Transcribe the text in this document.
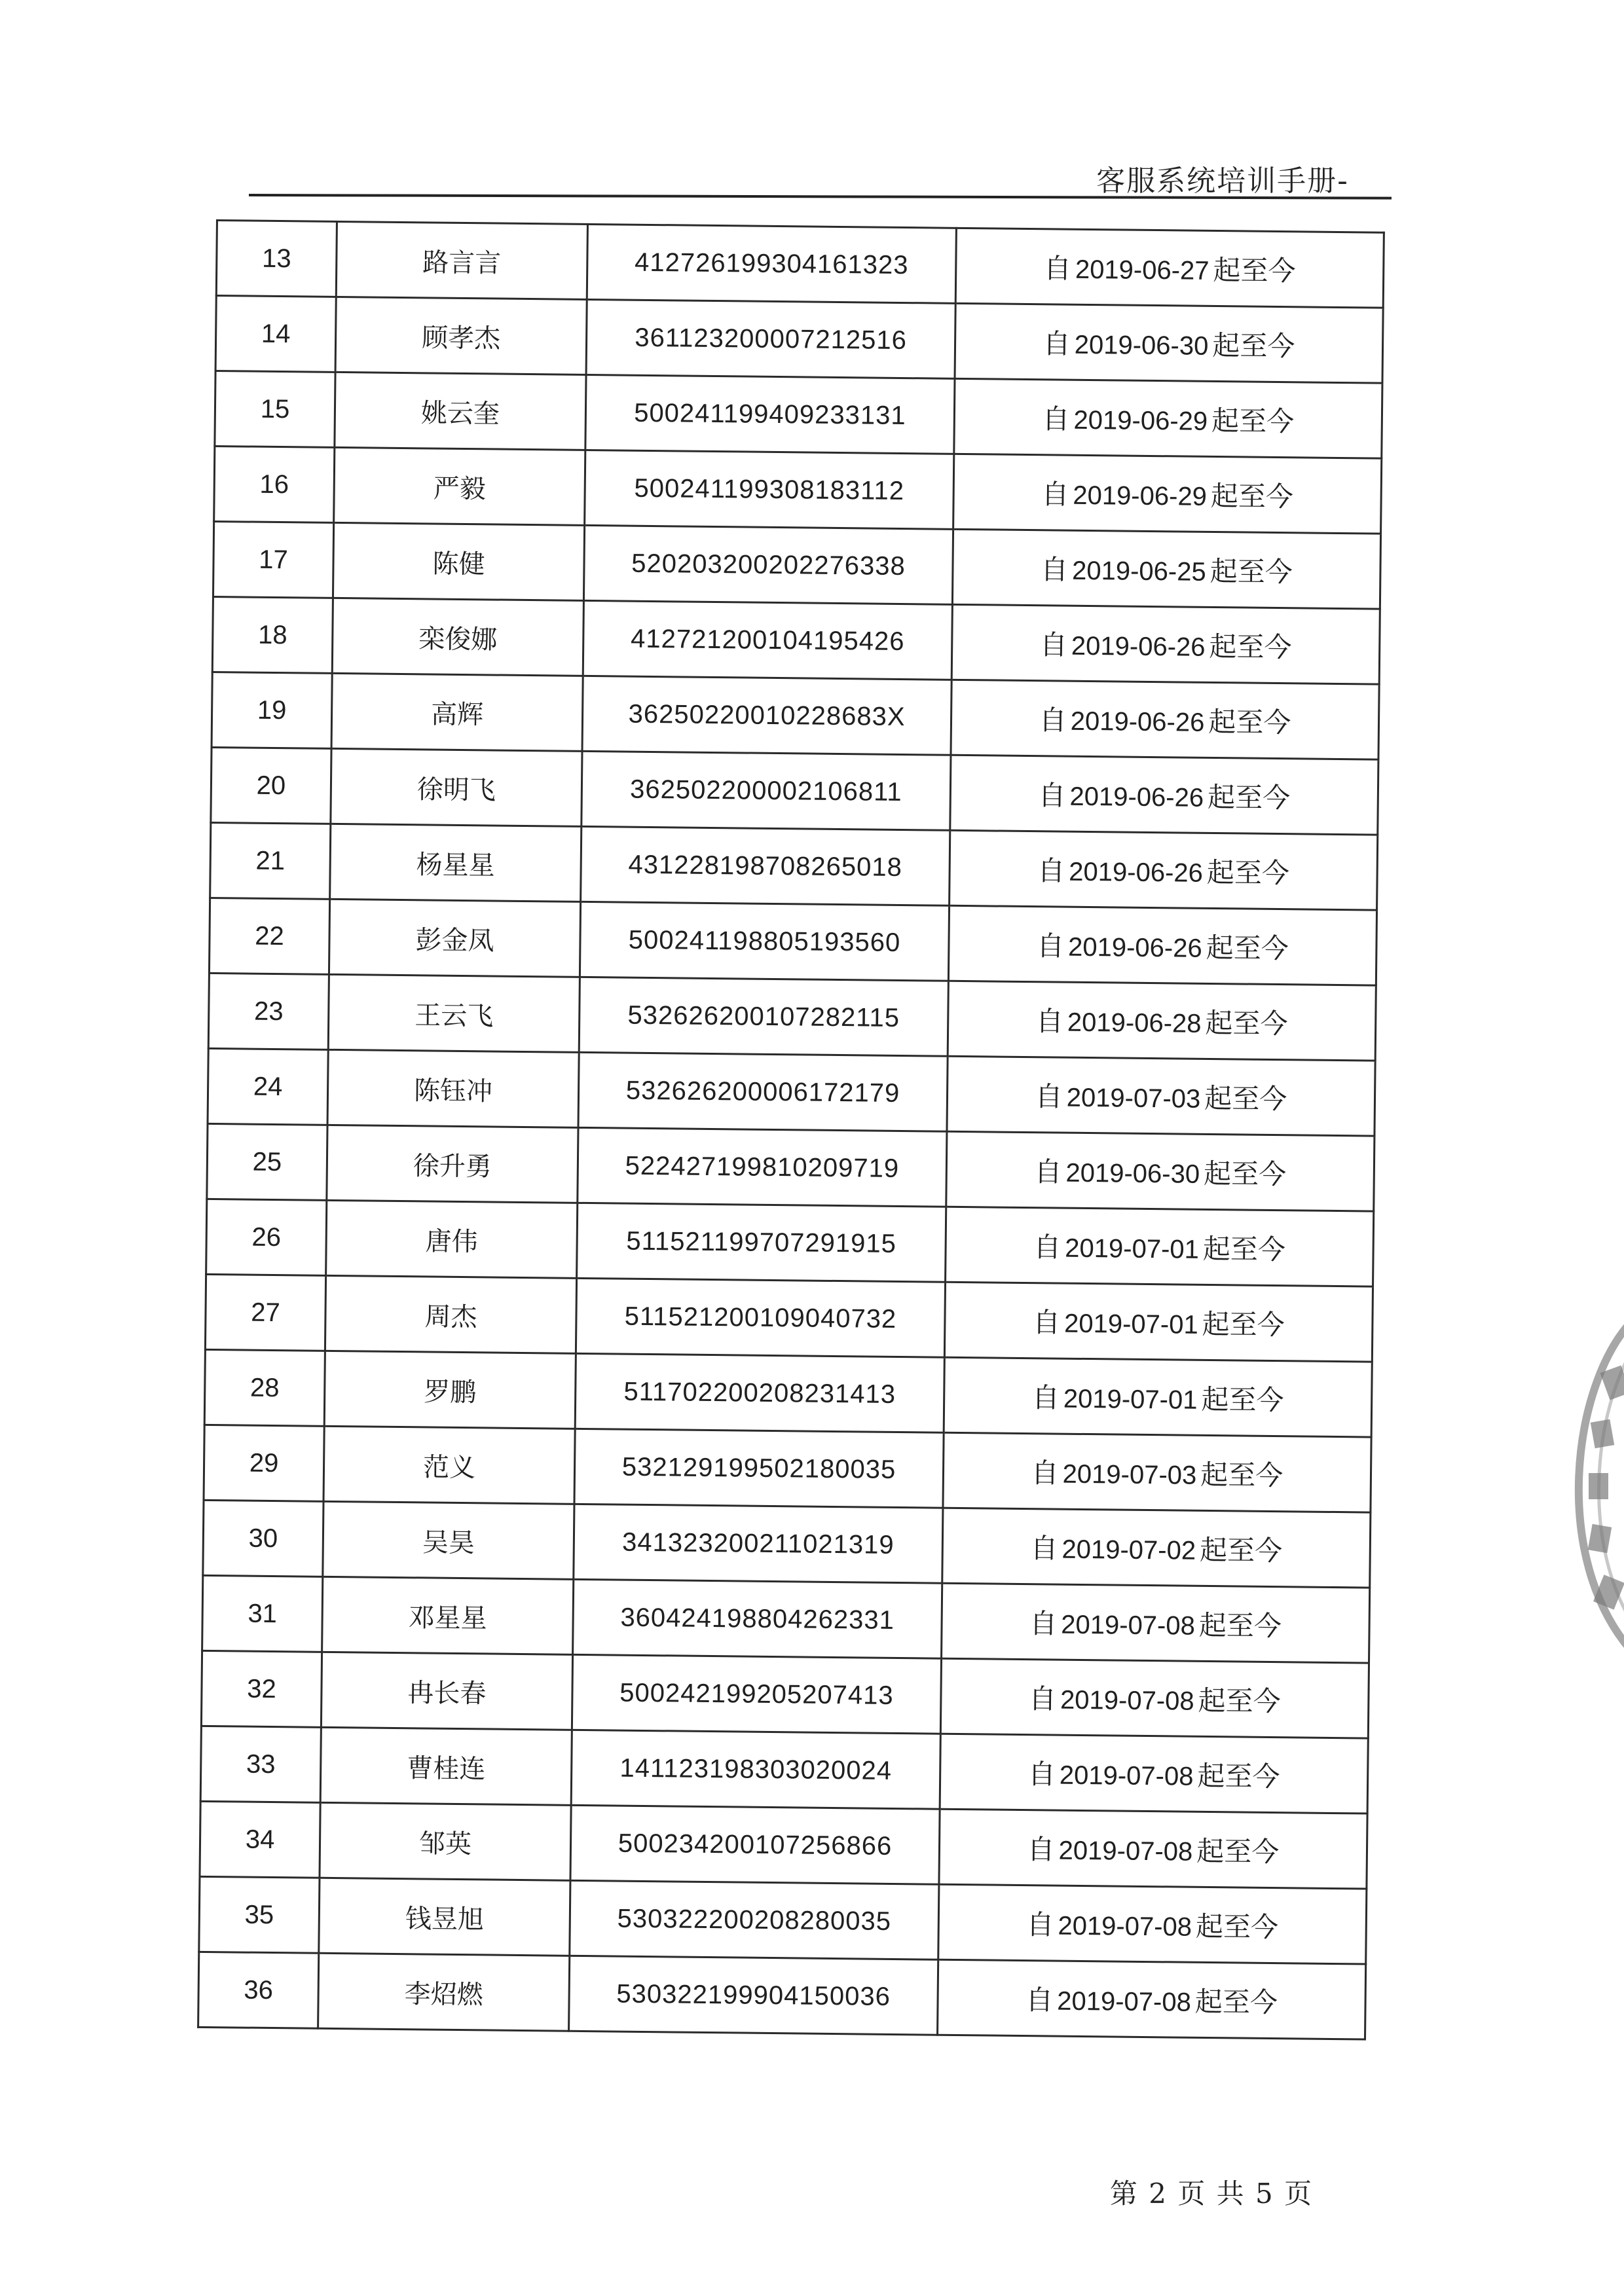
客服系统培训手册-
13	路言言	412726199304161323	自 2019-06-27 起至今
14	顾孝杰	361123200007212516	自 2019-06-30 起至今
15	姚云奎	500241199409233131	自 2019-06-29 起至今
16	严毅	500241199308183112	自 2019-06-29 起至今
17	陈健	520203200202276338	自 2019-06-25 起至今
18	栾俊娜	412721200104195426	自 2019-06-26 起至今
19	高辉	36250220010228683X	自 2019-06-26 起至今
20	徐明飞	362502200002106811	自 2019-06-26 起至今
21	杨星星	431228198708265018	自 2019-06-26 起至今
22	彭金凤	500241198805193560	自 2019-06-26 起至今
23	王云飞	532626200107282115	自 2019-06-28 起至今
24	陈钰冲	532626200006172179	自 2019-07-03 起至今
25	徐升勇	522427199810209719	自 2019-06-30 起至今
26	唐伟	511521199707291915	自 2019-07-01 起至今
27	周杰	511521200109040732	自 2019-07-01 起至今
28	罗鹏	511702200208231413	自 2019-07-01 起至今
29	范义	532129199502180035	自 2019-07-03 起至今
30	吴昊	341323200211021319	自 2019-07-02 起至今
31	邓星星	360424198804262331	自 2019-07-08 起至今
32	冉长春	500242199205207413	自 2019-07-08 起至今
33	曹桂连	141123198303020024	自 2019-07-08 起至今
34	邹英	500234200107256866	自 2019-07-08 起至今
35	钱昱旭	530322200208280035	自 2019-07-08 起至今
36	李炤燃	530322199904150036	自 2019-07-08 起至今
第 2 页 共 5 页
